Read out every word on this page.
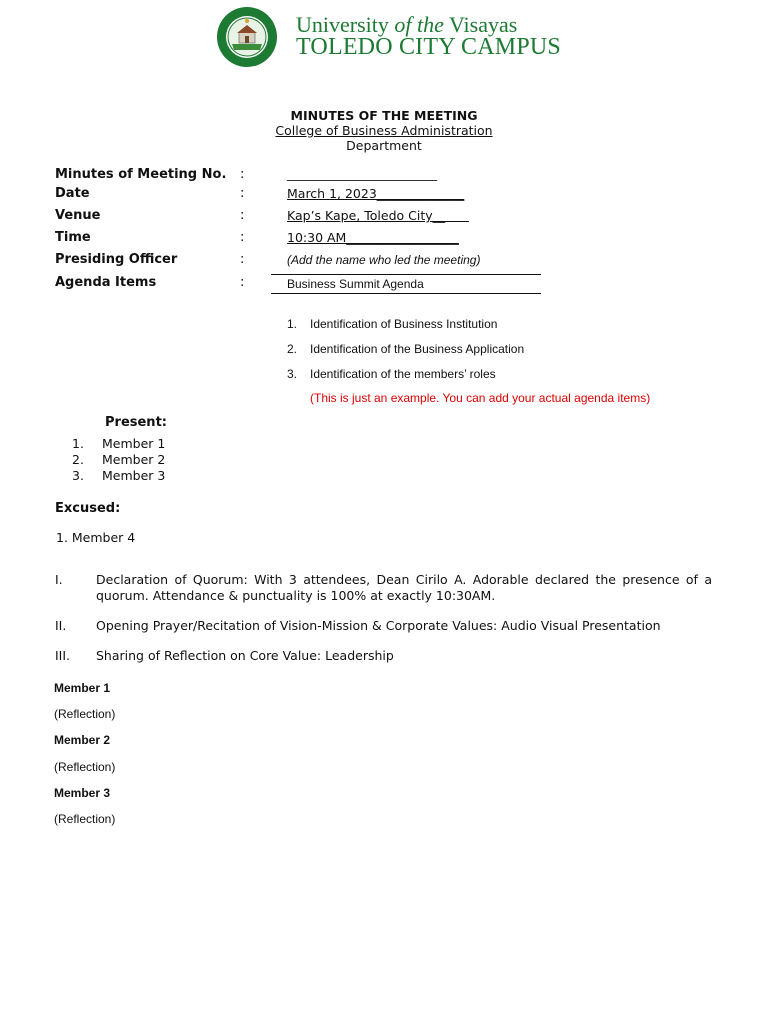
University of the Visayas
TOLEDO CITY CAMPUS
MINUTES OF THE MEETING
College of Business Administration
Department
Minutes of Meeting No. :	________________________
Date	:	March 1, 2023______________
Venue	:	Kap’s Kape, Toledo City__
Time	:	10:30 AM__________________
Presiding Officer	:	(Add the name who led the meeting)
Agenda Items	:	Business Summit Agenda
1. Identification of Business Institution
2. Identification of the Business Application
3. Identification of the members’ roles
(This is just an example. You can add your actual agenda items)
Present:
1. Member 1
2. Member 2
3. Member 3
Excused:
1. Member 4
I.	Declaration of Quorum: With 3 attendees, Dean Cirilo A. Adorable declared the presence of a quorum. Attendance & punctuality is 100% at exactly 10:30AM.
II. Opening Prayer/Recitation of Vision-Mission & Corporate Values: Audio Visual Presentation
III. Sharing of Reflection on Core Value: Leadership
Member 1
(Reflection)
Member 2
(Reflection)
Member 3
(Reflection)
